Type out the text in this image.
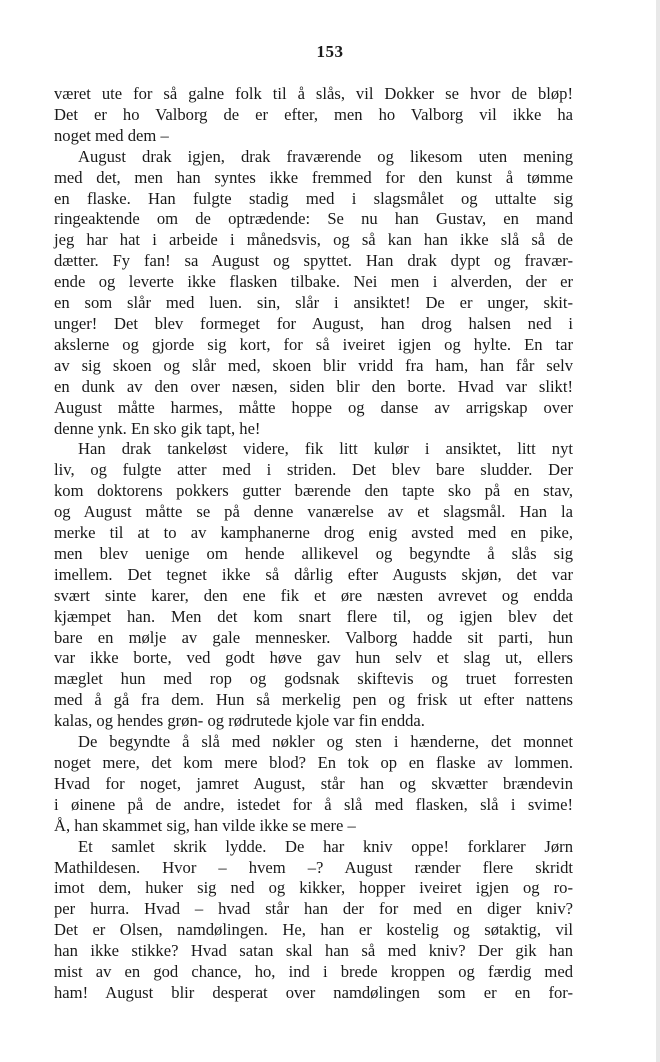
153
været ute for så galne folk til å slås, vil Dokker se hvor de bløр!
Det er ho Valborg de er efter, men ho Valborg vil ikke ha
noget med dem –
August drak igjen, drak fraværende og likesom uten mening
med det, men han syntes ikke fremmed for den kunst å tømme
en flaske. Han fulgte stadig med i slagsmålet og uttalte sig
ringeaktende om de optrædende: Se nu han Gustav, en mand
jeg har hat i arbeide i månedsvis, og så kan han ikke slå så de
dætter. Fy fan! sa August og spyttet. Han drak dypt og fravær-
ende og leverte ikke flasken tilbake. Nei men i alverden, der er
en som slår med luen. sin, slår i ansiktet! De er unger, skit-
unger! Det blev formeget for August, han drog halsen ned i
akslerne og gjorde sig kort, for så iveiret igjen og hylte. En tar
av sig skoen og slår med, skoen blir vridd fra ham, han får selv
en dunk av den over næsen, siden blir den borte. Hvad var slikt!
August måtte harmes, måtte hoppe og danse av arrigskap over
denne ynk. En sko gik tapt, he!
Han drak tankeløst videre, fik litt kulør i ansiktet, litt nyt
liv, og fulgte atter med i striden. Det blev bare sludder. Der
kom doktorens pokkers gutter bærende den tapte sko på en stav,
og August måtte se på denne vanærelse av et slagsmål. Han la
merke til at to av kamphanerne drog enig avsted med en pike,
men blev uenige om hende allikevel og begyndte å slås sig
imellem. Det tegnet ikke så dårlig efter Augusts skjøn, det var
svært sinte karer, den ene fik et øre næsten avrevet og endda
kjæmpet han. Men det kom snart flere til, og igjen blev det
bare en mølje av gale mennesker. Valborg hadde sit parti, hun
var ikke borte, ved godt høve gav hun selv et slag ut, ellers
mæglet hun med rop og godsnak skiftevis og truet forresten
med å gå fra dem. Hun så merkelig pen og frisk ut efter nattens
kalas, og hendes grøn- og rødrutede kjole var fin endda.
De begyndte å slå med nøkler og sten i hænderne, det monnet
noget mere, det kom mere blod? En tok op en flaske av lommen.
Hvad for noget, jamret August, står han og skvætter brændevin
i øinene på de andre, istedet for å slå med flasken, slå i svime!
Å, han skammet sig, han vilde ikke se mere –
Et samlet skrik lydde. De har kniv oppe! forklarer Jørn
Mathildesen. Hvor – hvem –? August rænder flere skridt
imot dem, huker sig ned og kikker, hopper iveiret igjen og ro-
per hurra. Hvad – hvad står han der for med en diger kniv?
Det er Olsen, namdølingen. He, han er kostelig og søtaktig, vil
han ikke stikke? Hvad satan skal han så med kniv? Der gik han
mist av en god chance, ho, ind i brede kroppen og færdig med
ham! August blir desperat over namdølingen som er en for-
